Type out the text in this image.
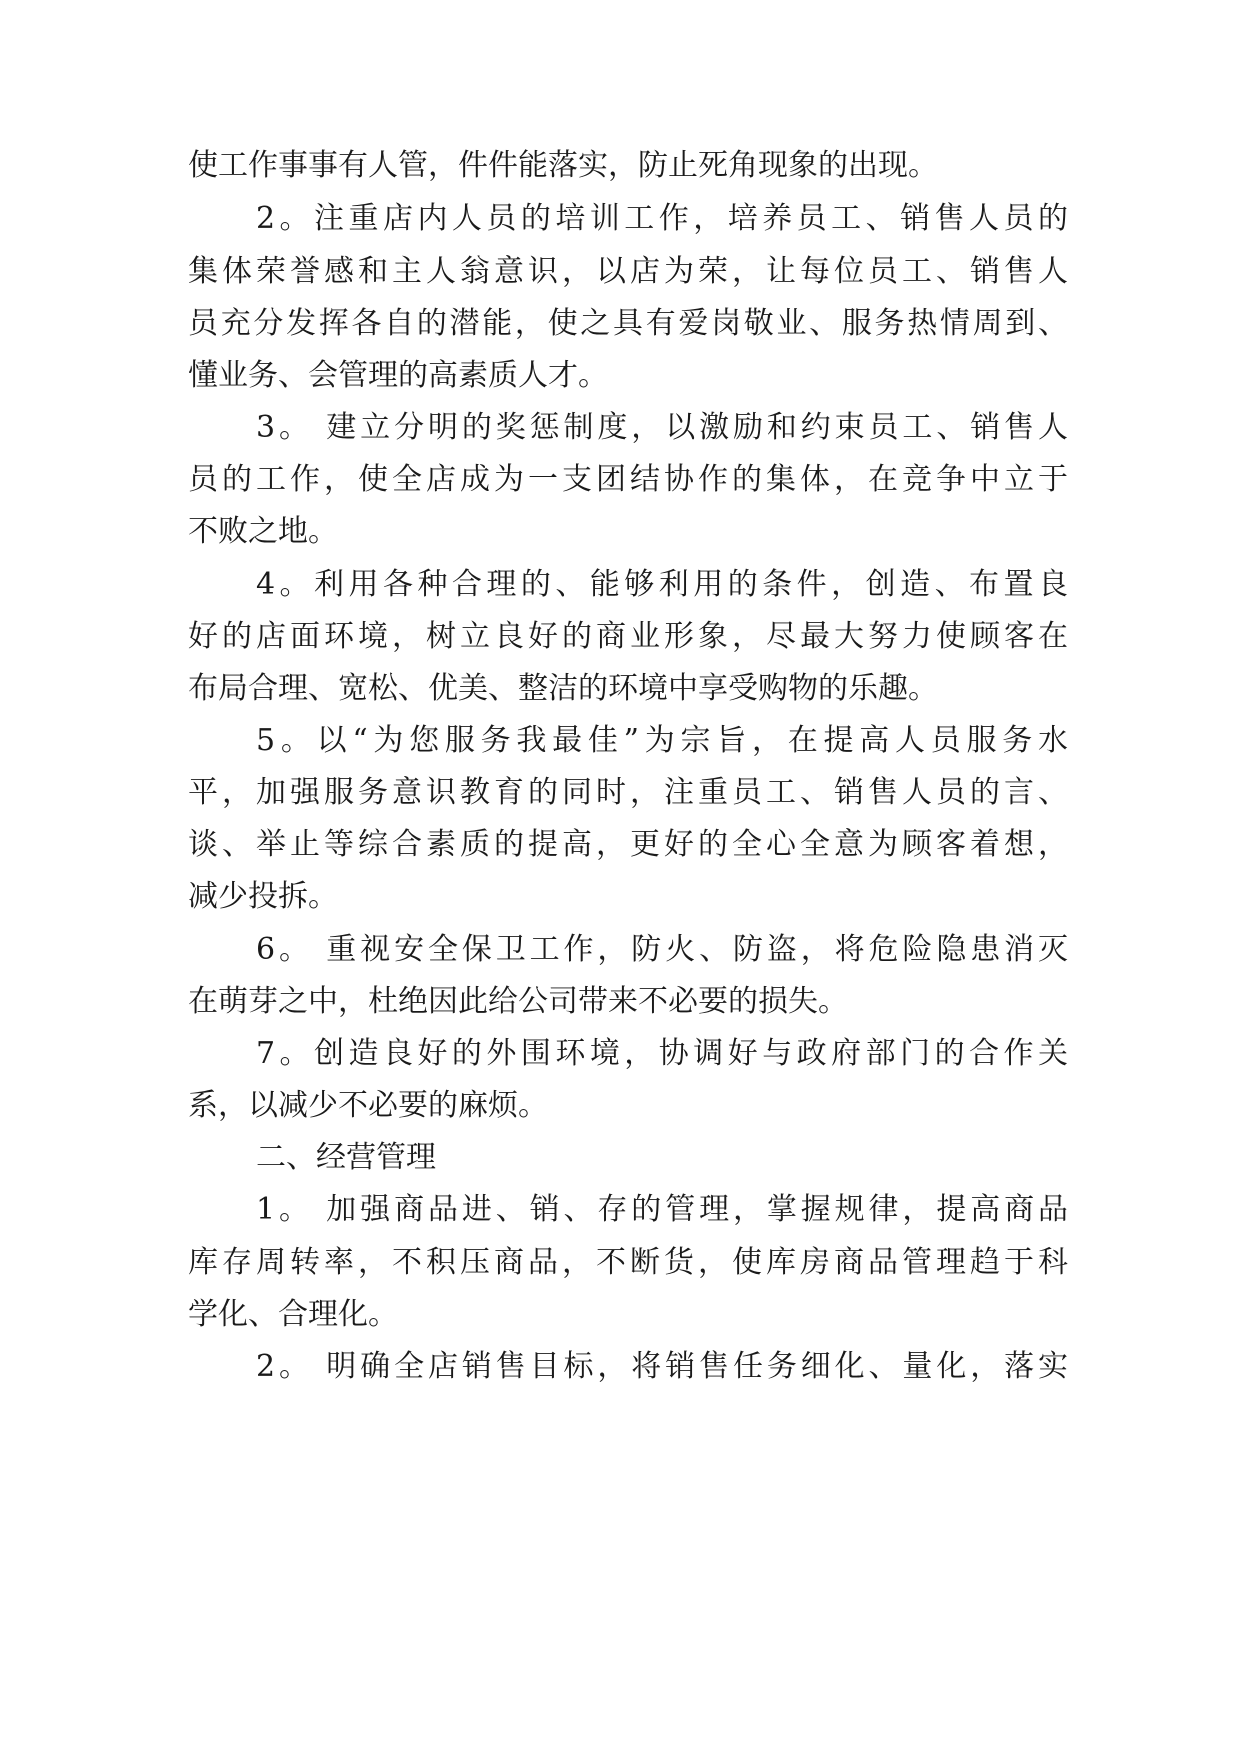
使工作事事有人管，件件能落实，防止死角现象的出现。
2。注重店内人员的培训工作，培养员工、销售人员的
集体荣誉感和主人翁意识，以店为荣，让每位员工、销售人
员充分发挥各自的潜能，使之具有爱岗敬业、服务热情周到、
懂业务、会管理的高素质人才。
3。 建立分明的奖惩制度，以激励和约束员工、销售人
员的工作，使全店成为一支团结协作的集体，在竞争中立于
不败之地。
4。利用各种合理的、能够利用的条件，创造、布置良
好的店面环境，树立良好的商业形象，尽最大努力使顾客在
布局合理、宽松、优美、整洁的环境中享受购物的乐趣。
5。以“为您服务我最佳”为宗旨，在提高人员服务水
平，加强服务意识教育的同时，注重员工、销售人员的言、
谈、举止等综合素质的提高，更好的全心全意为顾客着想，
减少投拆。
6。 重视安全保卫工作，防火、防盗，将危险隐患消灭
在萌芽之中，杜绝因此给公司带来不必要的损失。
7。创造良好的外围环境，协调好与政府部门的合作关
系，以减少不必要的麻烦。
二、经营管理
1。 加强商品进、销、存的管理，掌握规律，提高商品
库存周转率，不积压商品，不断货，使库房商品管理趋于科
学化、合理化。
2。 明确全店销售目标，将销售任务细化、量化，落实
